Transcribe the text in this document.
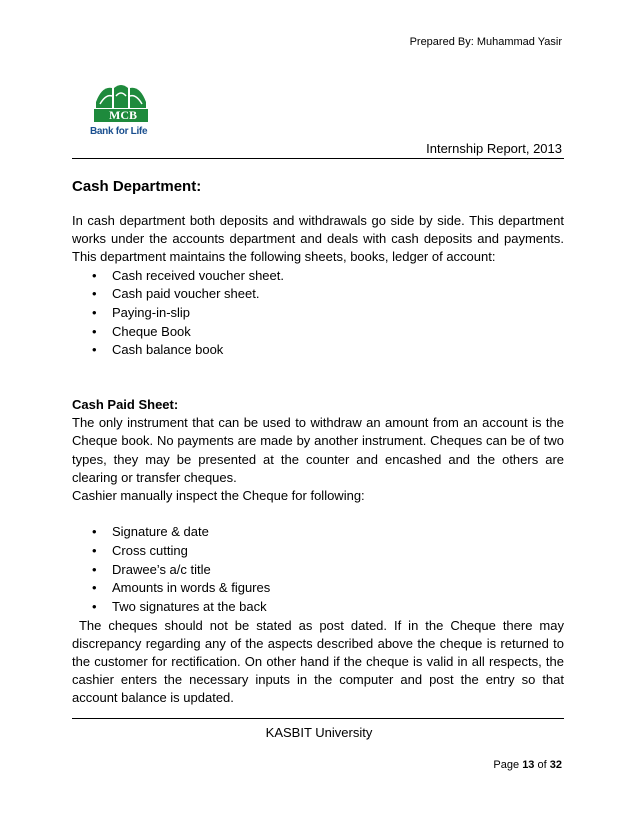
Prepared By: Muhammad Yasir
MCB
Bank for Life
Internship Report, 2013
Cash Department:
In cash department both deposits and withdrawals go side by side. This department works under the accounts department and deals with cash deposits and payments. This department maintains the following sheets, books, ledger of account:
• Cash received voucher sheet.
• Cash paid voucher sheet.
• Paying-in-slip
• Cheque Book
• Cash balance book
Cash Paid Sheet:
The only instrument that can be used to withdraw an amount from an account is the Cheque book. No payments are made by another instrument. Cheques can be of two types, they may be presented at the counter and encashed and the others are clearing or transfer cheques.
Cashier manually inspect the Cheque for following:
• Signature & date
• Cross cutting
• Drawee’s a/c title
• Amounts in words & figures
• Two signatures at the back
The cheques should not be stated as post dated. If in the Cheque there may discrepancy regarding any of the aspects described above the cheque is returned to the customer for rectification. On other hand if the cheque is valid in all respects, the cashier enters the necessary inputs in the computer and post the entry so that account balance is updated.
KASBIT University
Page 13 of 32
